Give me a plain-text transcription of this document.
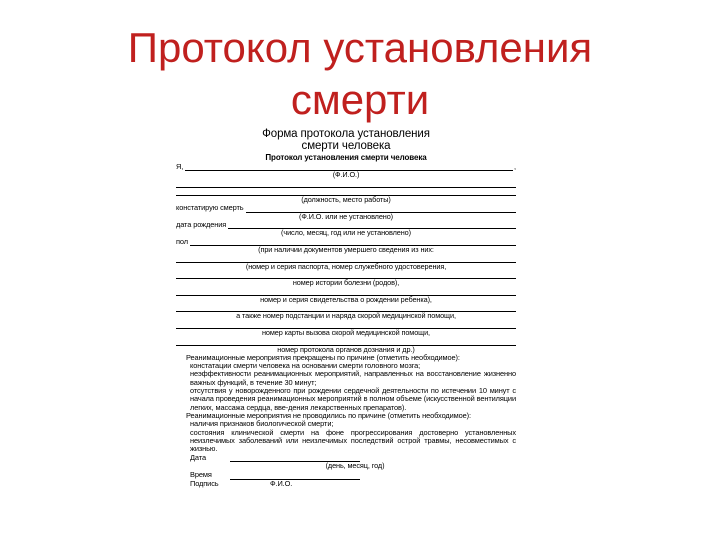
Протокол установления
смерти
Форма протокола установления
смерти человека
Протокол установления смерти человека
Я,	,
(Ф.И.О.)
(должность, место работы)
констатирую смерть
(Ф.И.О. или не установлено)
дата рождения
(число, месяц, год или не установлено)
пол
(при наличии документов умершего сведения из них:
(номер и серия паспорта, номер служебного удостоверения,
номер истории болезни (родов),
номер и серия свидетельства о рождении ребенка),
а также номер подстанции и наряда скорой медицинской помощи,
номер карты вызова скорой медицинской помощи,
номер протокола органов дознания и др.)
Реанимационные мероприятия прекращены по причине (отметить необходимое):
констатации смерти человека на основании смерти головного мозга;
неэффективности реанимационных мероприятий, направленных на восстановление жизненно важных функций, в течение 30 минут;
отсутствия у новорожденного при рождении сердечной деятельности по истечении 10 минут с начала проведения реанимационных мероприятий в полном объеме (искусственной вентиляции легких, массажа сердца, вве-дения лекарственных препаратов).
Реанимационные мероприятия не проводились по причине (отметить необходимое):
наличия признаков биологической смерти;
состояния клинической смерти на фоне прогрессирования достоверно установленных неизлечимых заболеваний или неизлечимых последствий острой травмы, несовместимых с жизнью.
Дата
(день, месяц, год)
Время
Подпись	Ф.И.О.
